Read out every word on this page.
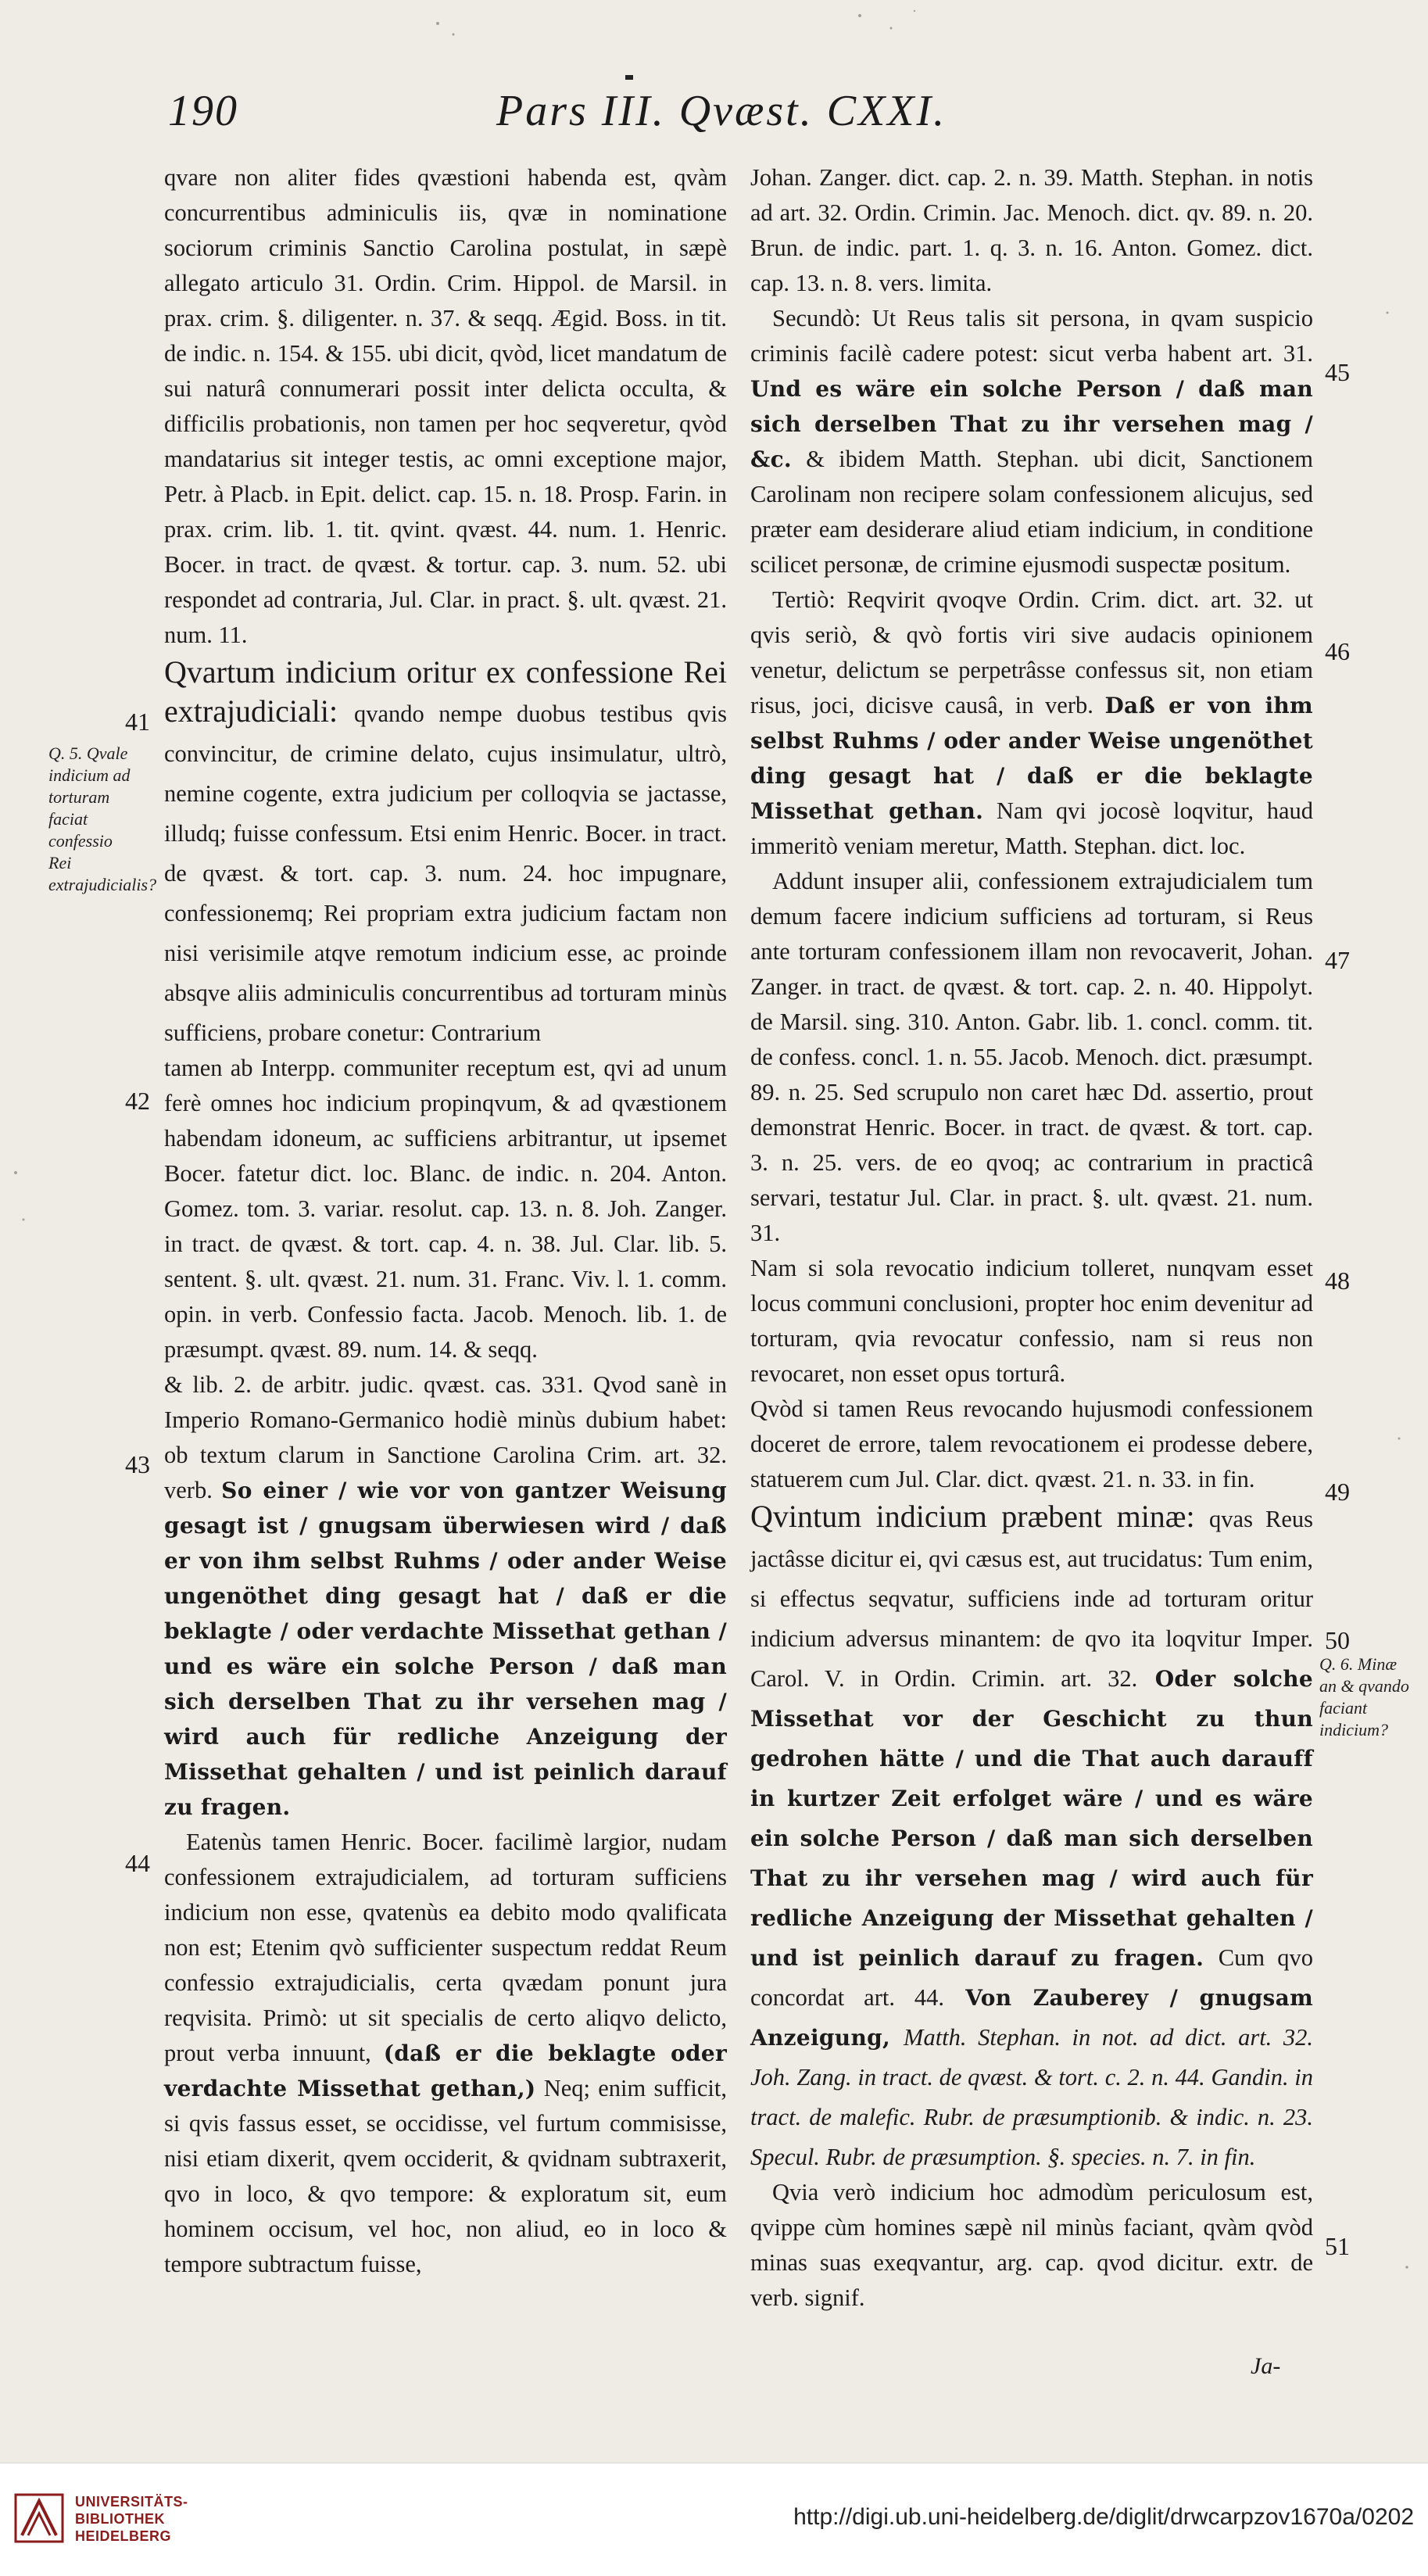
190	Pars III. Qvæst. CXXI.
41
42
43
44
45
46
47
48
49
50
51
Q. 5. Qvale indicium ad torturam faciat confessio Rei extrajudicialis?
Q. 6. Minæ an & qvando faciant indicium?

qvare non aliter fides qvæstioni habenda est, qvàm concurrentibus adminiculis iis, qvæ in nominatione sociorum criminis Sanctio Carolina postulat, in sæpè allegato articulo 31. Ordin. Crim. Hippol. de Marsil. in prax. crim. §. diligenter. n. 37. & seqq. Ægid. Boss. in tit. de indic. n. 154. & 155. ubi dicit, qvòd, licet mandatum de sui naturâ connumerari possit inter delicta occulta, & difficilis probationis, non tamen per hoc seqveretur, qvòd mandatarius sit integer testis, ac omni exceptione major, Petr. à Placb. in Epit. delict. cap. 15. n. 18. Prosp. Farin. in prax. crim. lib. 1. tit. qvint. qvæst. 44. num. 1. Henric. Bocer. in tract. de qvæst. & tortur. cap. 3. num. 52. ubi respondet ad contraria, Jul. Clar. in pract. §. ult. qvæst. 21. num. 11.

Qvartum indicium oritur ex confessione Rei extrajudiciali: qvando nempe duobus testibus qvis convincitur, de crimine delato, cujus insimulatur, ultrò, nemine cogente, extra judicium per colloqvia se jactasse, illudq; fuisse confessum. Etsi enim Henric. Bocer. in tract. de qvæst. & tort. cap. 3. num. 24. hoc impugnare, confessionemq; Rei propriam extra judicium factam non nisi verisimile atqve remotum indicium esse, ac proinde absqve aliis adminiculis concurrentibus ad torturam minùs sufficiens, probare conetur: Contrarium

tamen ab Interpp. communiter receptum est, qvi ad unum ferè omnes hoc indicium propinqvum, & ad qvæstionem habendam idoneum, ac sufficiens arbitrantur, ut ipsemet Bocer. fatetur dict. loc. Blanc. de indic. n. 204. Anton. Gomez. tom. 3. variar. resolut. cap. 13. n. 8. Joh. Zanger. in tract. de qvæst. & tort. cap. 4. n. 38. Jul. Clar. lib. 5. sentent. §. ult. qvæst. 21. num. 31. Franc. Viv. l. 1. comm. opin. in verb. Confessio facta. Jacob. Menoch. lib. 1. de præsumpt. qvæst. 89. num. 14. & seqq.

& lib. 2. de arbitr. judic. qvæst. cas. 331. Qvod sanè in Imperio Romano-Germanico hodiè minùs dubium habet: ob textum clarum in Sanctione Carolina Crim. art. 32. verb. So einer / wie vor von gantzer Weisung gesagt ist / gnugsam überwiesen wird / daß er von ihm selbst Ruhms / oder ander Weise ungenöthet ding gesagt hat / daß er die beklagte / oder verdachte Missethat gethan / und es wäre ein solche Person / daß man sich derselben That zu ihr versehen mag / wird auch für redliche Anzeigung der Missethat gehalten / und ist peinlich darauf zu fragen.

Eatenùs tamen Henric. Bocer. facilimè largior, nudam confessionem extrajudicialem, ad torturam sufficiens indicium non esse, qvatenùs ea debito modo qvalificata non est; Etenim qvò sufficienter suspectum reddat Reum confessio extrajudicialis, certa qvædam ponunt jura reqvisita. Primò: ut sit specialis de certo aliqvo delicto, prout verba innuunt, (daß er die beklagte oder verdachte Missethat gethan,) Neq; enim sufficit, si qvis fassus esset, se occidisse, vel furtum commisisse, nisi etiam dixerit, qvem occiderit, & qvidnam subtraxerit, qvo in loco, & qvo tempore: & exploratum sit, eum hominem occisum, vel hoc, non aliud, eo in loco & tempore subtractum fuisse,

Johan. Zanger. dict. cap. 2. n. 39. Matth. Stephan. in notis ad art. 32. Ordin. Crimin. Jac. Menoch. dict. qv. 89. n. 20. Brun. de indic. part. 1. q. 3. n. 16. Anton. Gomez. dict. cap. 13. n. 8. vers. limita.

Secundò: Ut Reus talis sit persona, in qvam suspicio criminis facilè cadere potest: sicut verba habent art. 31. Und es wäre ein solche Person / daß man sich derselben That zu ihr versehen mag / &c. & ibidem Matth. Stephan. ubi dicit, Sanctionem Carolinam non recipere solam confessionem alicujus, sed præter eam desiderare aliud etiam indicium, in conditione scilicet personæ, de crimine ejusmodi suspectæ positum.

Tertiò: Reqvirit qvoqve Ordin. Crim. dict. art. 32. ut qvis seriò, & qvò fortis viri sive audacis opinionem venetur, delictum se perpetrâsse confessus sit, non etiam risus, joci, dicisve causâ, in verb. Daß er von ihm selbst Ruhms / oder ander Weise ungenöthet ding gesagt hat / daß er die beklagte Missethat gethan. Nam qvi jocosè loqvitur, haud immeritò veniam meretur, Matth. Stephan. dict. loc.

Addunt insuper alii, confessionem extrajudicialem tum demum facere indicium sufficiens ad torturam, si Reus ante torturam confessionem illam non revocaverit, Johan. Zanger. in tract. de qvæst. & tort. cap. 2. n. 40. Hippolyt. de Marsil. sing. 310. Anton. Gabr. lib. 1. concl. comm. tit. de confess. concl. 1. n. 55. Jacob. Menoch. dict. præsumpt. 89. n. 25. Sed scrupulo non caret hæc Dd. assertio, prout demonstrat Henric. Bocer. in tract. de qvæst. & tort. cap. 3. n. 25. vers. de eo qvoq; ac contrarium in practicâ servari, testatur Jul. Clar. in pract. §. ult. qvæst. 21. num. 31.

Nam si sola revocatio indicium tolleret, nunqvam esset locus communi conclusioni, propter hoc enim devenitur ad torturam, qvia revocatur confessio, nam si reus non revocaret, non esset opus torturâ.

Qvòd si tamen Reus revocando hujusmodi confessionem doceret de errore, talem revocationem ei prodesse debere, statuerem cum Jul. Clar. dict. qvæst. 21. n. 33. in fin.

Qvintum indicium præbent minæ: qvas Reus jactâsse dicitur ei, qvi cæsus est, aut trucidatus: Tum enim, si effectus seqvatur, sufficiens inde ad torturam oritur indicium adversus minantem: de qvo ita loqvitur Imper. Carol. V. in Ordin. Crimin. art. 32. Oder solche Missethat vor der Geschicht zu thun gedrohen hätte / und die That auch darauff in kurtzer Zeit erfolget wäre / und es wäre ein solche Person / daß man sich derselben That zu ihr versehen mag / wird auch für redliche Anzeigung der Missethat gehalten / und ist peinlich darauf zu fragen. Cum qvo concordat art. 44. Von Zauberey / gnugsam Anzeigung, Matth. Stephan. in not. ad dict. art. 32. Joh. Zang. in tract. de qvæst. & tort. c. 2. n. 44. Gandin. in tract. de malefic. Rubr. de præsumptionib. & indic. n. 23. Specul. Rubr. de præsumption. §. species. n. 7. in fin.

Qvia verò indicium hoc admodùm periculosum est, qvippe cùm homines sæpè nil minùs faciant, qvàm qvòd minas suas exeqvantur, arg. cap. qvod dicitur. extr. de verb. signif.

Ja-
UNIVERSITÄTS-
BIBLIOTHEK
HEIDELBERG
http://digi.ub.uni-heidelberg.de/diglit/drwcarpzov1670a/0202
